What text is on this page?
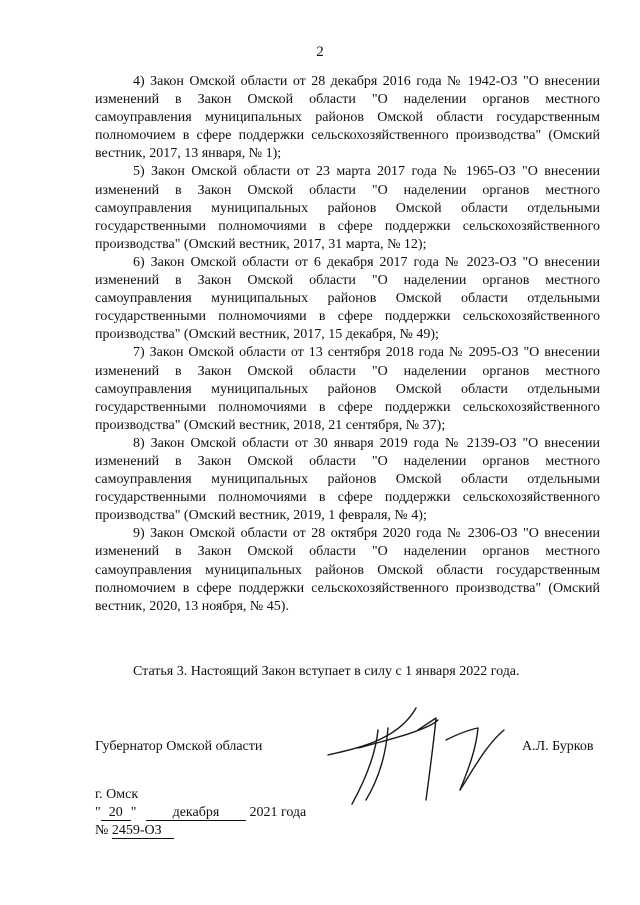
2

4) Закон Омской области от 28 декабря 2016 года № 1942-ОЗ "О внесении изменений в Закон Омской области "О наделении органов местного самоуправления муниципальных районов Омской области государственным полномочием в сфере поддержки сельскохозяйственного производства" (Омский вестник, 2017, 13 января, № 1);

5) Закон Омской области от 23 марта 2017 года № 1965-ОЗ "О внесении изменений в Закон Омской области "О наделении органов местного самоуправления муниципальных районов Омской области отдельными государственными полномочиями в сфере поддержки сельскохозяйственного производства" (Омский вестник, 2017, 31 марта, № 12);

6) Закон Омской области от 6 декабря 2017 года № 2023-ОЗ "О внесении изменений в Закон Омской области "О наделении органов местного самоуправления муниципальных районов Омской области отдельными государственными полномочиями в сфере поддержки сельскохозяйственного производства" (Омский вестник, 2017, 15 декабря, № 49);

7) Закон Омской области от 13 сентября 2018 года № 2095-ОЗ "О внесении изменений в Закон Омской области "О наделении органов местного самоуправления муниципальных районов Омской области отдельными государственными полномочиями в сфере поддержки сельскохозяйственного производства" (Омский вестник, 2018, 21 сентября, № 37);

8) Закон Омской области от 30 января 2019 года № 2139-ОЗ "О внесении изменений в Закон Омской области "О наделении органов местного самоуправления муниципальных районов Омской области отдельными государственными полномочиями в сфере поддержки сельскохозяйственного производства" (Омский вестник, 2019, 1 февраля, № 4);

9) Закон Омской области от 28 октября 2020 года № 2306-ОЗ "О внесении изменений в Закон Омской области "О наделении органов местного самоуправления муниципальных районов Омской области государственным полномочием в сфере поддержки сельскохозяйственного производства" (Омский вестник, 2020, 13 ноября, № 45).

Статья 3. Настоящий Закон вступает в силу с 1 января 2022 года.
Губернатор Омской области	А.Л. Бурков
г. Омск
" 20 "	декабря 2021 года
№ 2459-ОЗ
